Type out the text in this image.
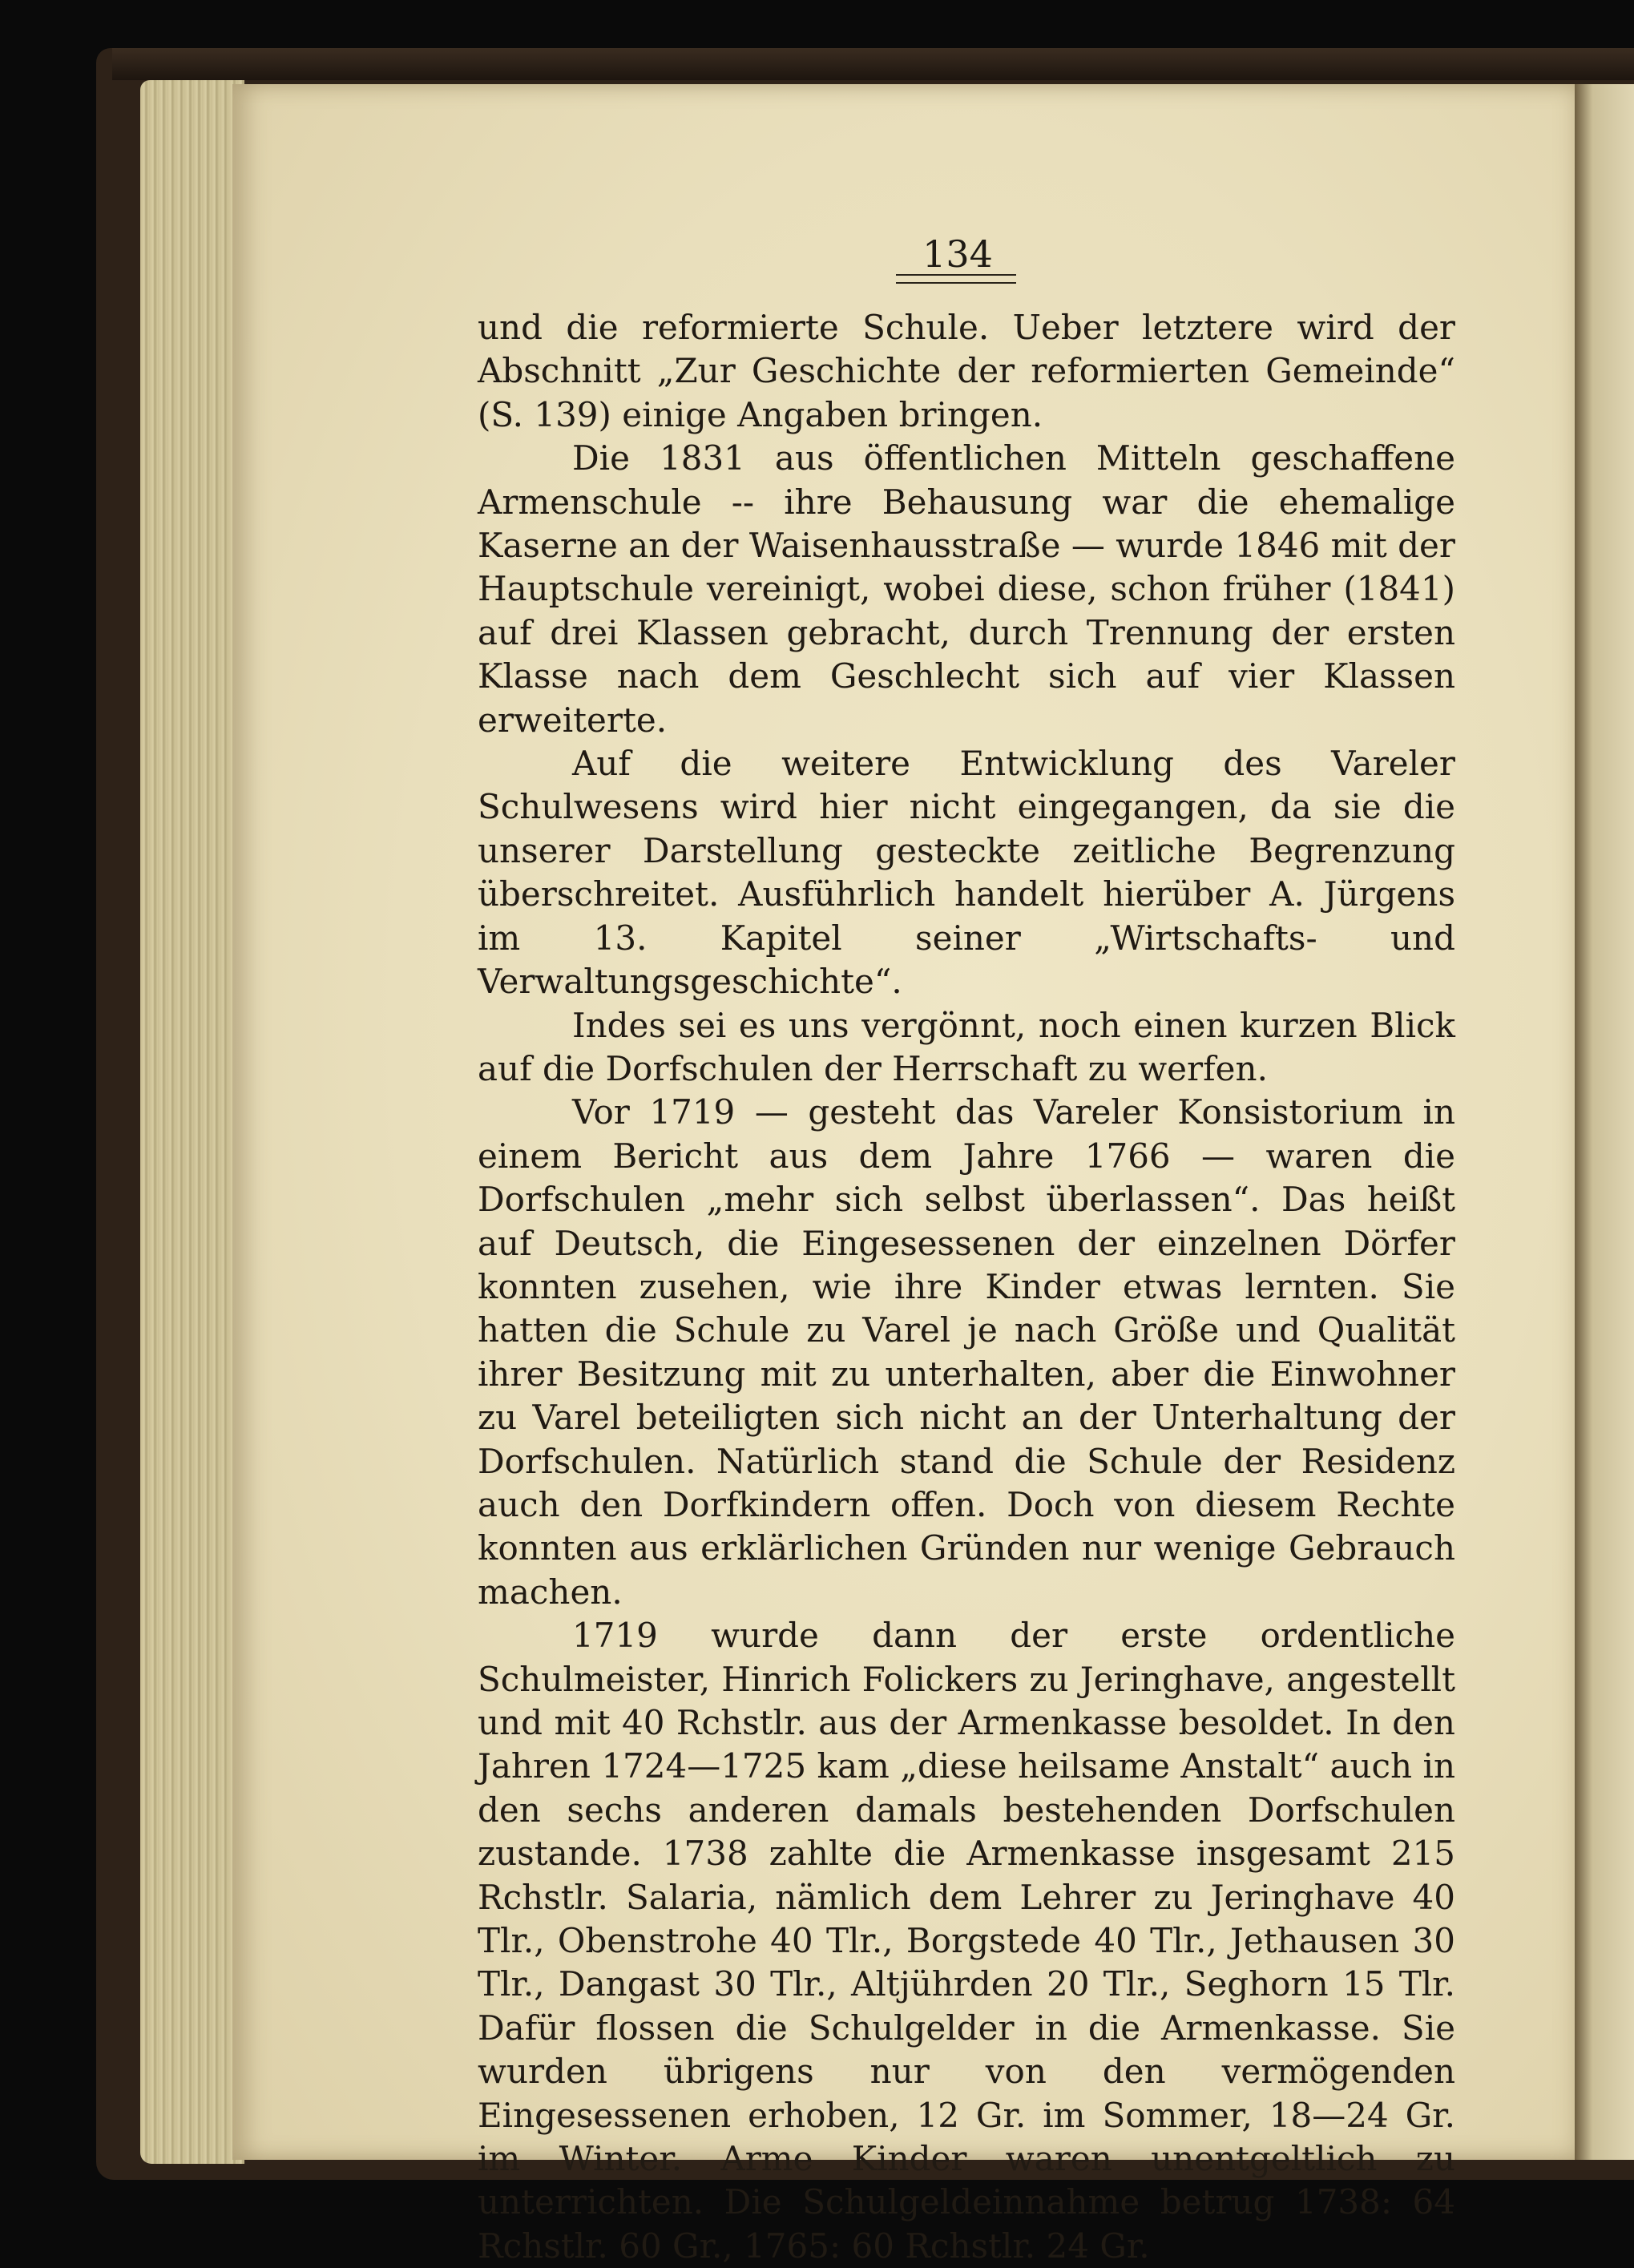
134

und die reformierte Schule. Ueber letztere wird der Abschnitt „Zur Geschichte der reformierten Gemeinde“ (S. 139) einige Angaben bringen.

Die 1831 aus öffentlichen Mitteln geschaffene Armenschule -- ihre Behausung war die ehemalige Kaserne an der Waisenhausstraße — wurde 1846 mit der Hauptschule vereinigt, wobei diese, schon früher (1841) auf drei Klassen gebracht, durch Trennung der ersten Klasse nach dem Geschlecht sich auf vier Klassen erweiterte.

Auf die weitere Entwicklung des Vareler Schulwesens wird hier nicht eingegangen, da sie die unserer Darstellung gesteckte zeitliche Begrenzung überschreitet. Ausführlich handelt hierüber A. Jürgens im 13. Kapitel seiner „Wirtschafts- und Verwaltungsgeschichte“.

Indes sei es uns vergönnt, noch einen kurzen Blick auf die Dorfschulen der Herrschaft zu werfen.

Vor 1719 — gesteht das Vareler Konsistorium in einem Bericht aus dem Jahre 1766 — waren die Dorfschulen „mehr sich selbst überlassen“. Das heißt auf Deutsch, die Eingesessenen der einzelnen Dörfer konnten zusehen, wie ihre Kinder etwas lernten. Sie hatten die Schule zu Varel je nach Größe und Qualität ihrer Besitzung mit zu unterhalten, aber die Einwohner zu Varel beteiligten sich nicht an der Unterhaltung der Dorfschulen. Natürlich stand die Schule der Residenz auch den Dorfkindern offen. Doch von diesem Rechte konnten aus erklärlichen Gründen nur wenige Gebrauch machen.

1719 wurde dann der erste ordentliche Schulmeister, Hinrich Folickers zu Jeringhave, angestellt und mit 40 Rchstlr. aus der Armenkasse besoldet. In den Jahren 1724—1725 kam „diese heilsame Anstalt“ auch in den sechs anderen damals bestehenden Dorfschulen zustande. 1738 zahlte die Armenkasse insgesamt 215 Rchstlr. Salaria, nämlich dem Lehrer zu Jeringhave 40 Tlr., Obenstrohe 40 Tlr., Borgstede 40 Tlr., Jethausen 30 Tlr., Dangast 30 Tlr., Altjührden 20 Tlr., Seghorn 15 Tlr. Dafür flossen die Schulgelder in die Armenkasse. Sie wurden übrigens nur von den vermögenden Eingesessenen erhoben, 12 Gr. im Sommer, 18—24 Gr. im Winter. Arme Kinder waren unentgeltlich zu unterrichten. Die Schulgeldeinnahme betrug 1738: 64 Rchstlr. 60 Gr., 1765: 60 Rchstlr. 24 Gr.
